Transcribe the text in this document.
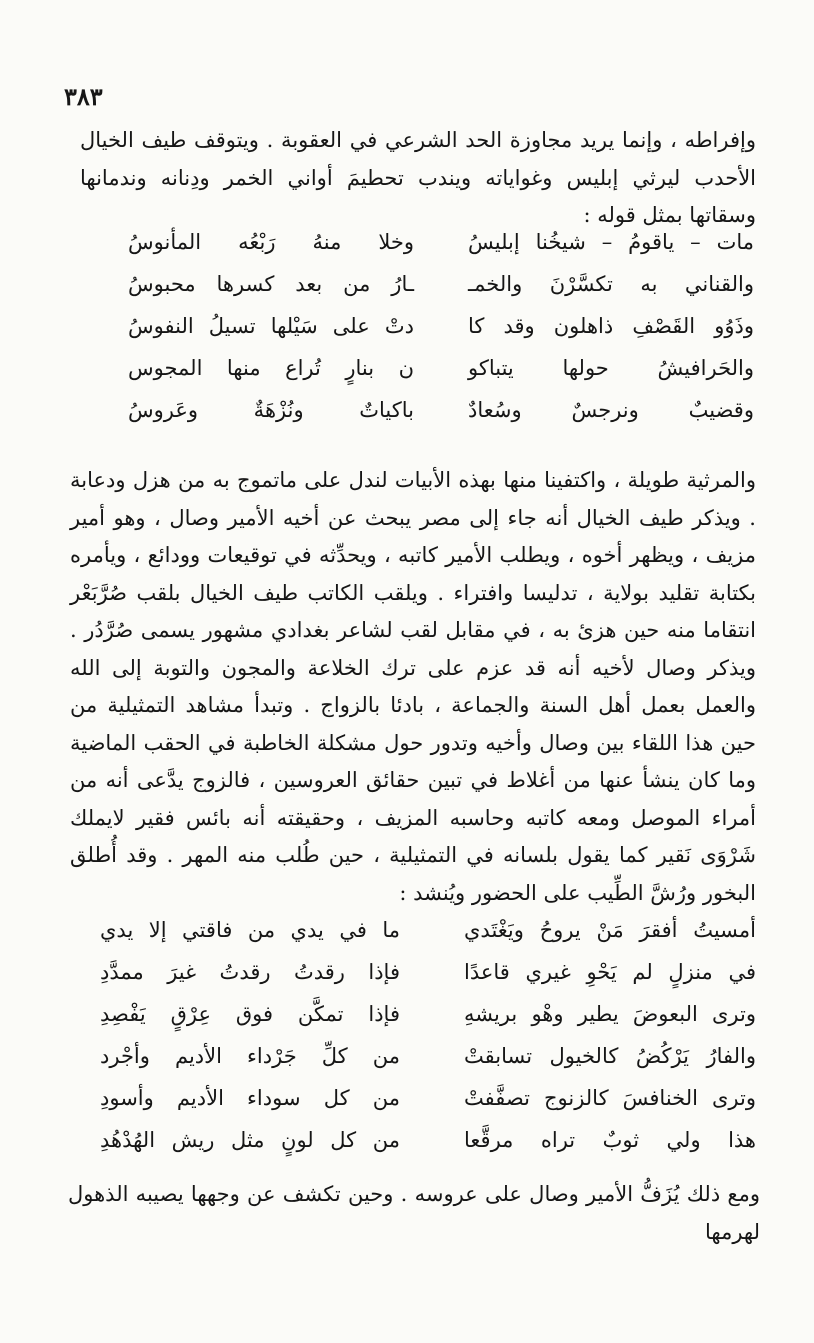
٣٨٣

وإفراطه ، وإنما يريد مجاوزة الحد الشرعي في العقوبة . ويتوقف طيف الخيال الأحدب ليرثي إبليس وغواياته ويندب تحطيمَ أواني الخمر ودِنانه وندمانها وسقاتها بمثل قوله :

مات – ياقومُ – شيخُنا إبليسُ
وخلا منهُ رَبْعُه المأنوسُ
والقناني به تكسَّرْنَ والخمـ
ـارُ من بعد كسرها محبوسُ
وذَوُو القَصْفِ ذاهلون وقد كا
دتْ على سَيْلها تسيلُ النفوسُ
والحَرافيشُ حولها يتباكو
ن بنارٍ تُراع منها المجوس
وقضيبٌ ونرجسٌ وسُعادٌ
باكياتٌ ونُزْهَةٌ وعَروسُ

والمرثية طويلة ، واكتفينا منها بهذه الأبيات لندل على ماتموج به من هزل ودعابة . ويذكر طيف الخيال أنه جاء إلى مصر يبحث عن أخيه الأمير وصال ، وهو أمير مزيف ، ويظهر أخوه ، ويطلب الأمير كاتبه ، ويحدِّثه في توقيعات وودائع ، ويأمره بكتابة تقليد بولاية ، تدليسا وافتراء . ويلقب الكاتب طيف الخيال بلقب صُرَّبَعْر انتقاما منه حين هزئ به ، في مقابل لقب لشاعر بغدادي مشهور يسمى صُرَّدُر . ويذكر وصال لأخيه أنه قد عزم على ترك الخلاعة والمجون والتوبة إلى الله والعمل بعمل أهل السنة والجماعة ، بادئا بالزواج . وتبدأ مشاهد التمثيلية من حين هذا اللقاء بين وصال وأخيه وتدور حول مشكلة الخاطبة في الحقب الماضية وما كان ينشأ عنها من أغلاط في تبين حقائق العروسين ، فالزوج يدَّعى أنه من أمراء الموصل ومعه كاتبه وحاسبه المزيف ، وحقيقته أنه بائس فقير لايملك شَرْوَى نَقير كما يقول بلسانه في التمثيلية ، حين طُلب منه المهر . وقد أُطلق البخور ورُشَّ الطِّيب على الحضور ويُنشد :

أمسيتُ أفقرَ مَنْ يروحُ ويَغْتَدي
ما في يدي من فاقتي إلا يدي
في منزلٍ لم يَحْوِ غيري قاعدًا
فإذا رقدتُ رقدتُ غيرَ ممدَّدِ
وترى البعوضَ يطير وهْو بريشهِ
فإذا تمكَّن فوق عِرْقٍ يَفْصِدِ
والفارُ يَرْكُضُ كالخيول تسابقتْ
من كلِّ جَرْداء الأديم وأجْرد
وترى الخنافسَ كالزنوج تصفَّفتْ
من كل سوداء الأديم وأسودِ
هذا ولي ثوبٌ تراه مرقَّعا
من كل لونٍ مثل ريش الهُدْهُدِ

ومع ذلك يُزَفُّ الأمير وصال على عروسه . وحين تكشف عن وجهها يصيبه الذهول لهرمها
